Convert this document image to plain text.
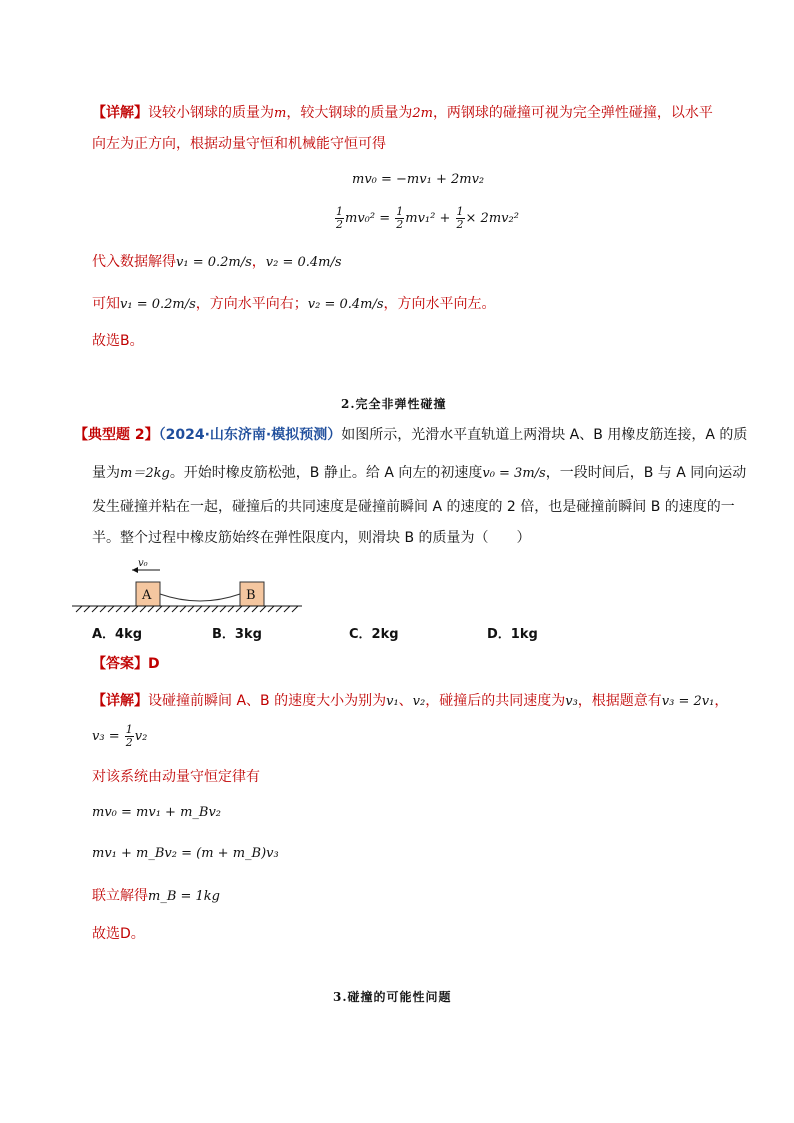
【详解】设较小钢球的质量为m，较大钢球的质量为2m，两钢球的碰撞可视为完全弹性碰撞，以水平
向左为正方向，根据动量守恒和机械能守恒可得
mv₀ = −mv₁ + 2mv₂
$\frac{1}{2} mv_0^2 = \frac{1}{2} mv_1^2 + \frac{1}{2} \times 2mv_2^2$
代入数据解得v₁ = 0.2m/s，v₂ = 0.4m/s
可知v₁ = 0.2m/s，方向水平向右；v₂ = 0.4m/s，方向水平向左。
故选B。
2.完全非弹性碰撞
【典型题 2】（2024·山东济南·模拟预测）如图所示，光滑水平直轨道上两滑块 A、B 用橡皮筋连接，A 的质
量为m＝2kg。开始时橡皮筋松弛，B 静止。给 A 向左的初速度v₀ = 3m/s，一段时间后，B 与 A 同向运动
发生碰撞并粘在一起，碰撞后的共同速度是碰撞前瞬间 A 的速度的 2 倍，也是碰撞前瞬间 B 的速度的一
半。整个过程中橡皮筋始终在弹性限度内，则滑块 B 的质量为（　　）
v₀
A	B
A．4kg	B．3kg	C．2kg	D．1kg
【答案】D
【详解】设碰撞前瞬间 A、B 的速度大小为别为v₁、v₂，碰撞后的共同速度为v₃，根据题意有v₃ = 2v₁，
$v_3 = \frac{1}{2} v_2$
对该系统由动量守恒定律有
mv₀ = mv₁ + m_Bv₂
mv₁ + m_Bv₂ = (m + m_B)v₃
联立解得m_B = 1kg
故选D。
3.碰撞的可能性问题
